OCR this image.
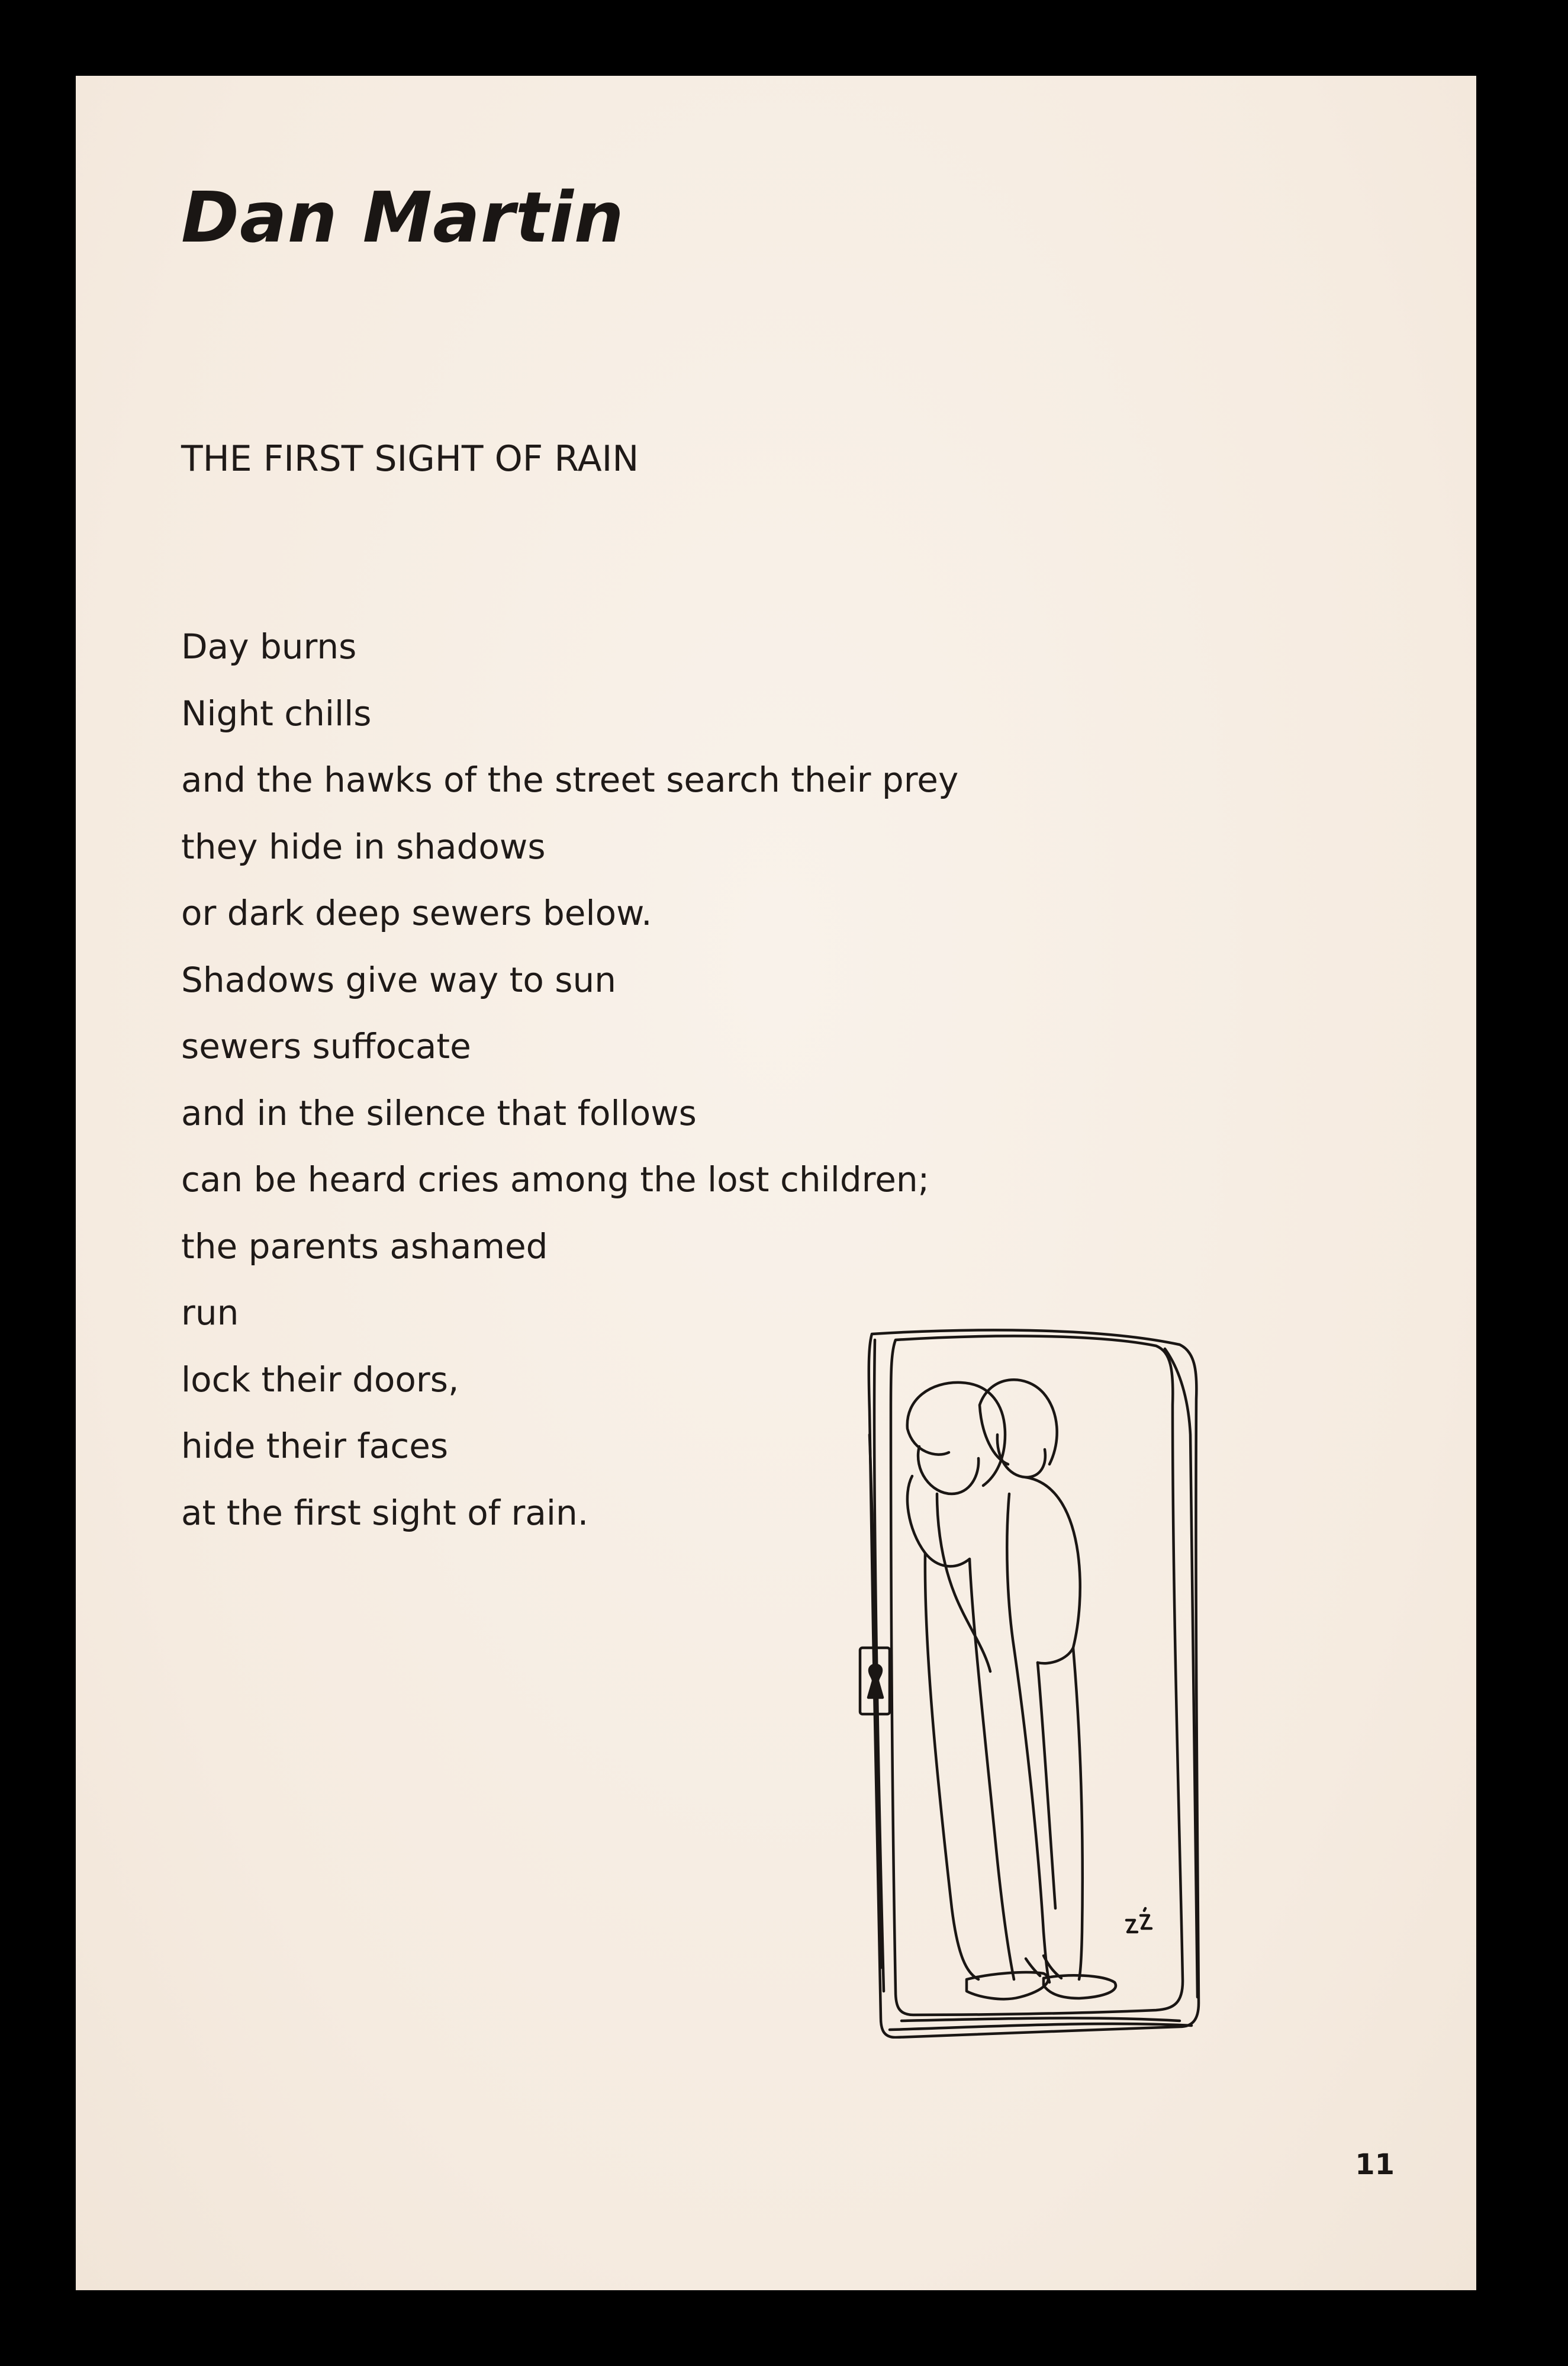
Dan Martin
THE FIRST SIGHT OF RAIN
Day burns
Night chills
and the hawks of the street search their prey
they hide in shadows
or dark deep sewers below.
Shadows give way to sun
sewers suffocate
and in the silence that follows
can be heard cries among the lost children;
the parents ashamed
run
lock their doors,
hide their faces
at the first sight of rain.
11
